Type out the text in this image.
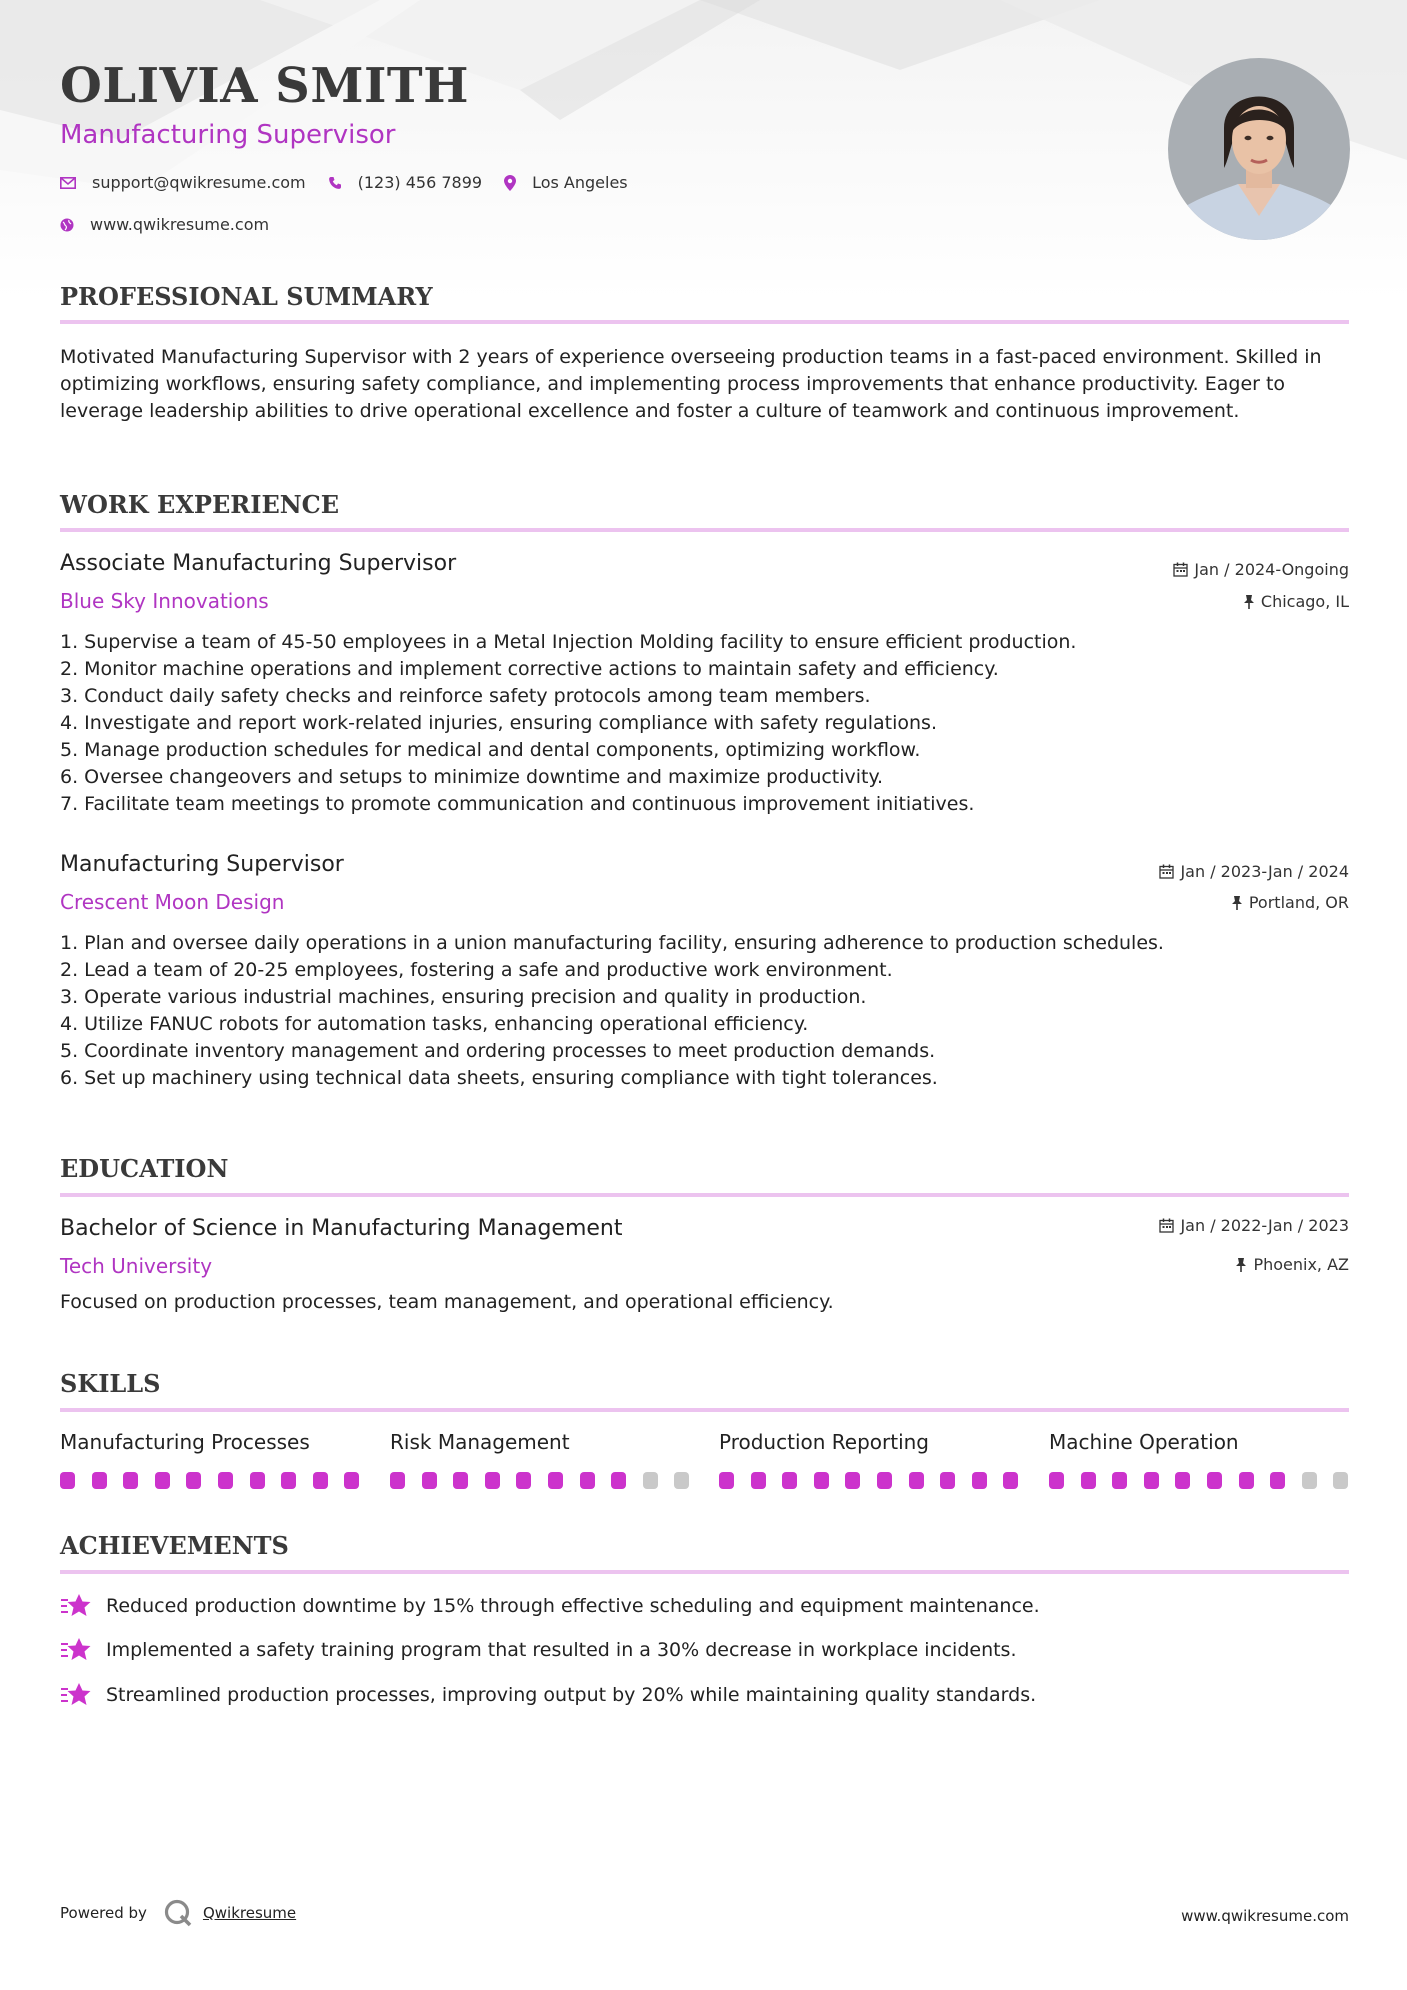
OLIVIA SMITH
Manufacturing Supervisor
support@qwikresume.com	(123) 456 7899	Los Angeles
www.qwikresume.com
PROFESSIONAL SUMMARY
Motivated Manufacturing Supervisor with 2 years of experience overseeing production teams in a fast-paced environment. Skilled in optimizing workflows, ensuring safety compliance, and implementing process improvements that enhance productivity. Eager to leverage leadership abilities to drive operational excellence and foster a culture of teamwork and continuous improvement.
WORK EXPERIENCE
Associate Manufacturing Supervisor	Jan / 2024-Ongoing
Blue Sky Innovations	Chicago, IL
1. Supervise a team of 45-50 employees in a Metal Injection Molding facility to ensure efficient production.
2. Monitor machine operations and implement corrective actions to maintain safety and efficiency.
3. Conduct daily safety checks and reinforce safety protocols among team members.
4. Investigate and report work-related injuries, ensuring compliance with safety regulations.
5. Manage production schedules for medical and dental components, optimizing workflow.
6. Oversee changeovers and setups to minimize downtime and maximize productivity.
7. Facilitate team meetings to promote communication and continuous improvement initiatives.
Manufacturing Supervisor	Jan / 2023-Jan / 2024
Crescent Moon Design	Portland, OR
1. Plan and oversee daily operations in a union manufacturing facility, ensuring adherence to production schedules.
2. Lead a team of 20-25 employees, fostering a safe and productive work environment.
3. Operate various industrial machines, ensuring precision and quality in production.
4. Utilize FANUC robots for automation tasks, enhancing operational efficiency.
5. Coordinate inventory management and ordering processes to meet production demands.
6. Set up machinery using technical data sheets, ensuring compliance with tight tolerances.
EDUCATION
Bachelor of Science in Manufacturing Management	Jan / 2022-Jan / 2023
Tech University	Phoenix, AZ
Focused on production processes, team management, and operational efficiency.
SKILLS
Manufacturing Processes	Risk Management	Production Reporting	Machine Operation
ACHIEVEMENTS
Reduced production downtime by 15% through effective scheduling and equipment maintenance.
Implemented a safety training program that resulted in a 30% decrease in workplace incidents.
Streamlined production processes, improving output by 20% while maintaining quality standards.
Powered by	Qwikresume	www.qwikresume.com
